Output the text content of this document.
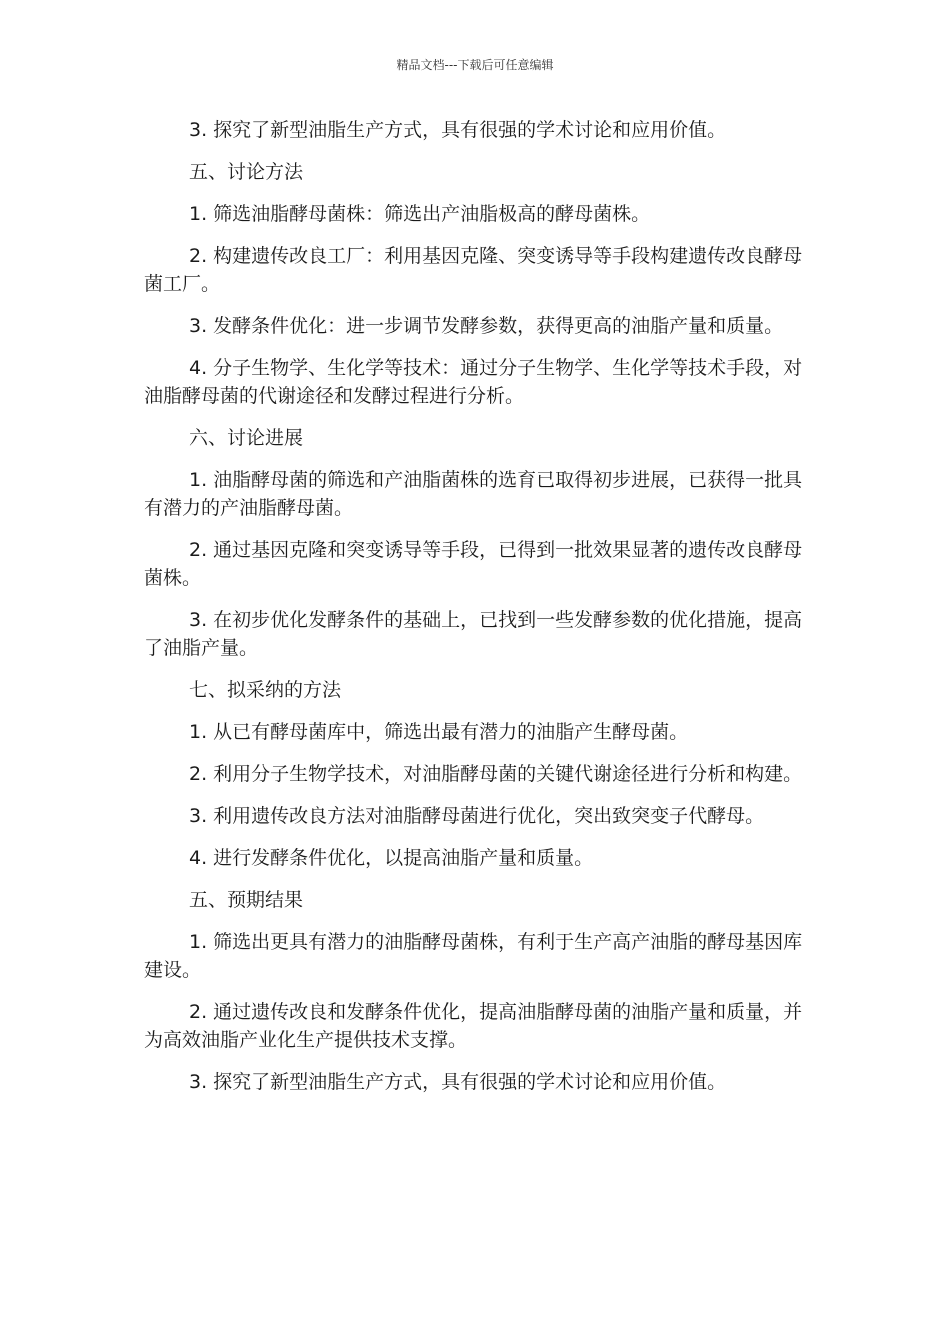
精品文档---下载后可任意编辑

3. 探究了新型油脂生产方式，具有很强的学术讨论和应用价值。

五、讨论方法

1. 筛选油脂酵母菌株：筛选出产油脂极高的酵母菌株。

2. 构建遗传改良工厂：利用基因克隆、突变诱导等手段构建遗传改良酵母菌工厂。

3. 发酵条件优化：进一步调节发酵参数，获得更高的油脂产量和质量。

4. 分子生物学、生化学等技术：通过分子生物学、生化学等技术手段，对油脂酵母菌的代谢途径和发酵过程进行分析。

六、讨论进展

1. 油脂酵母菌的筛选和产油脂菌株的选育已取得初步进展，已获得一批具有潜力的产油脂酵母菌。

2. 通过基因克隆和突变诱导等手段，已得到一批效果显著的遗传改良酵母菌株。

3. 在初步优化发酵条件的基础上，已找到一些发酵参数的优化措施，提高了油脂产量。

七、拟采纳的方法

1. 从已有酵母菌库中，筛选出最有潜力的油脂产生酵母菌。

2. 利用分子生物学技术，对油脂酵母菌的关键代谢途径进行分析和构建。

3. 利用遗传改良方法对油脂酵母菌进行优化，突出致突变子代酵母。

4. 进行发酵条件优化，以提高油脂产量和质量。

五、预期结果

1. 筛选出更具有潜力的油脂酵母菌株，有利于生产高产油脂的酵母基因库建设。

2. 通过遗传改良和发酵条件优化，提高油脂酵母菌的油脂产量和质量，并为高效油脂产业化生产提供技术支撑。

3. 探究了新型油脂生产方式，具有很强的学术讨论和应用价值。
